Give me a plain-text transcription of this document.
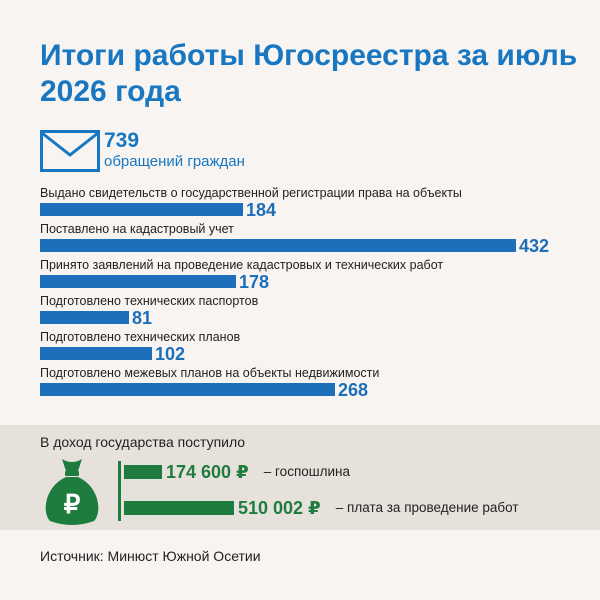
Итоги работы Югосреестра за июль 2026 года
739
обращений граждан
Выдано свидетельств о государственной регистрации права на объекты
184
Поставлено на кадастровый учет
432
Принято заявлений на проведение кадастровых и технических работ
178
Подготовлено технических паспортов
81
Подготовлено технических планов
102
Подготовлено межевых планов на объекты недвижимости
268
В доход государства поступило
₽
174 600 ₽ – госпошлина
510 002 ₽ – плата за проведение работ
Источник: Минюст Южной Осетии
